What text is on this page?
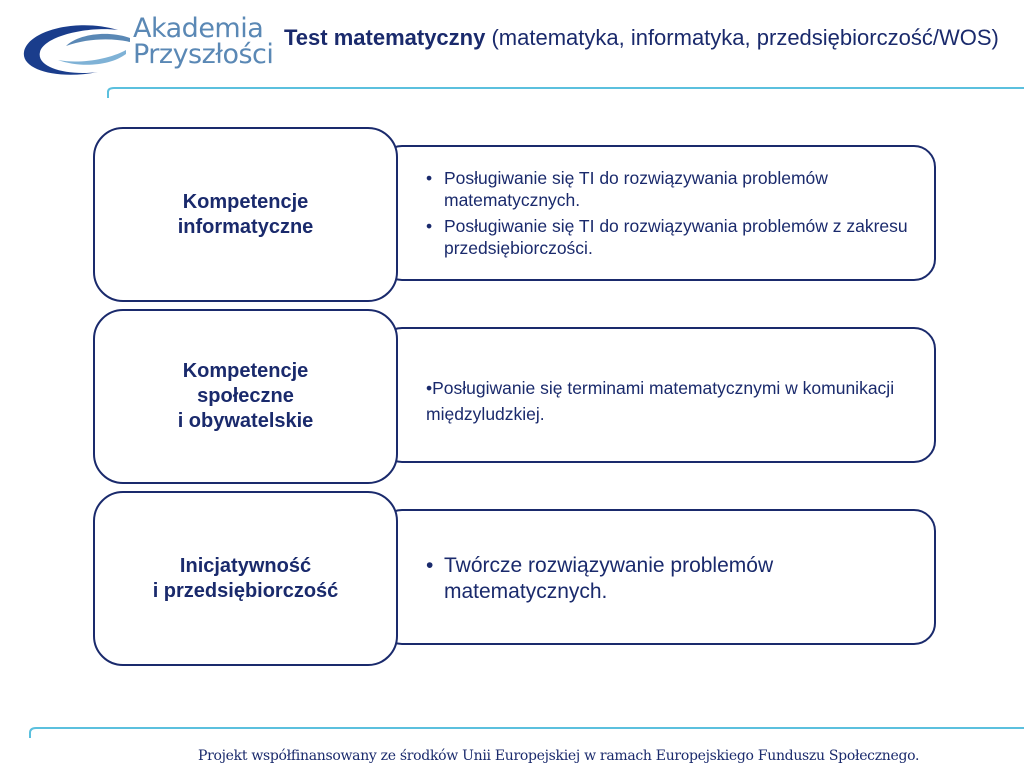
Akademia
Przyszłości
Test matematyczny (matematyka, informatyka, przedsiębiorczość/WOS)
• Posługiwanie się TI do rozwiązywania problemów matematycznych.
• Posługiwanie się TI do rozwiązywania problemów z zakresu przedsiębiorczości.
Kompetencje
informatyczne
•Posługiwanie się terminami matematycznymi w komunikacji międzyludzkiej.
Kompetencje
społeczne
i obywatelskie
• Twórcze rozwiązywanie problemów matematycznych.
Inicjatywność
i przedsiębiorczość
Projekt współfinansowany ze środków Unii Europejskiej w ramach Europejskiego Funduszu Społecznego.
